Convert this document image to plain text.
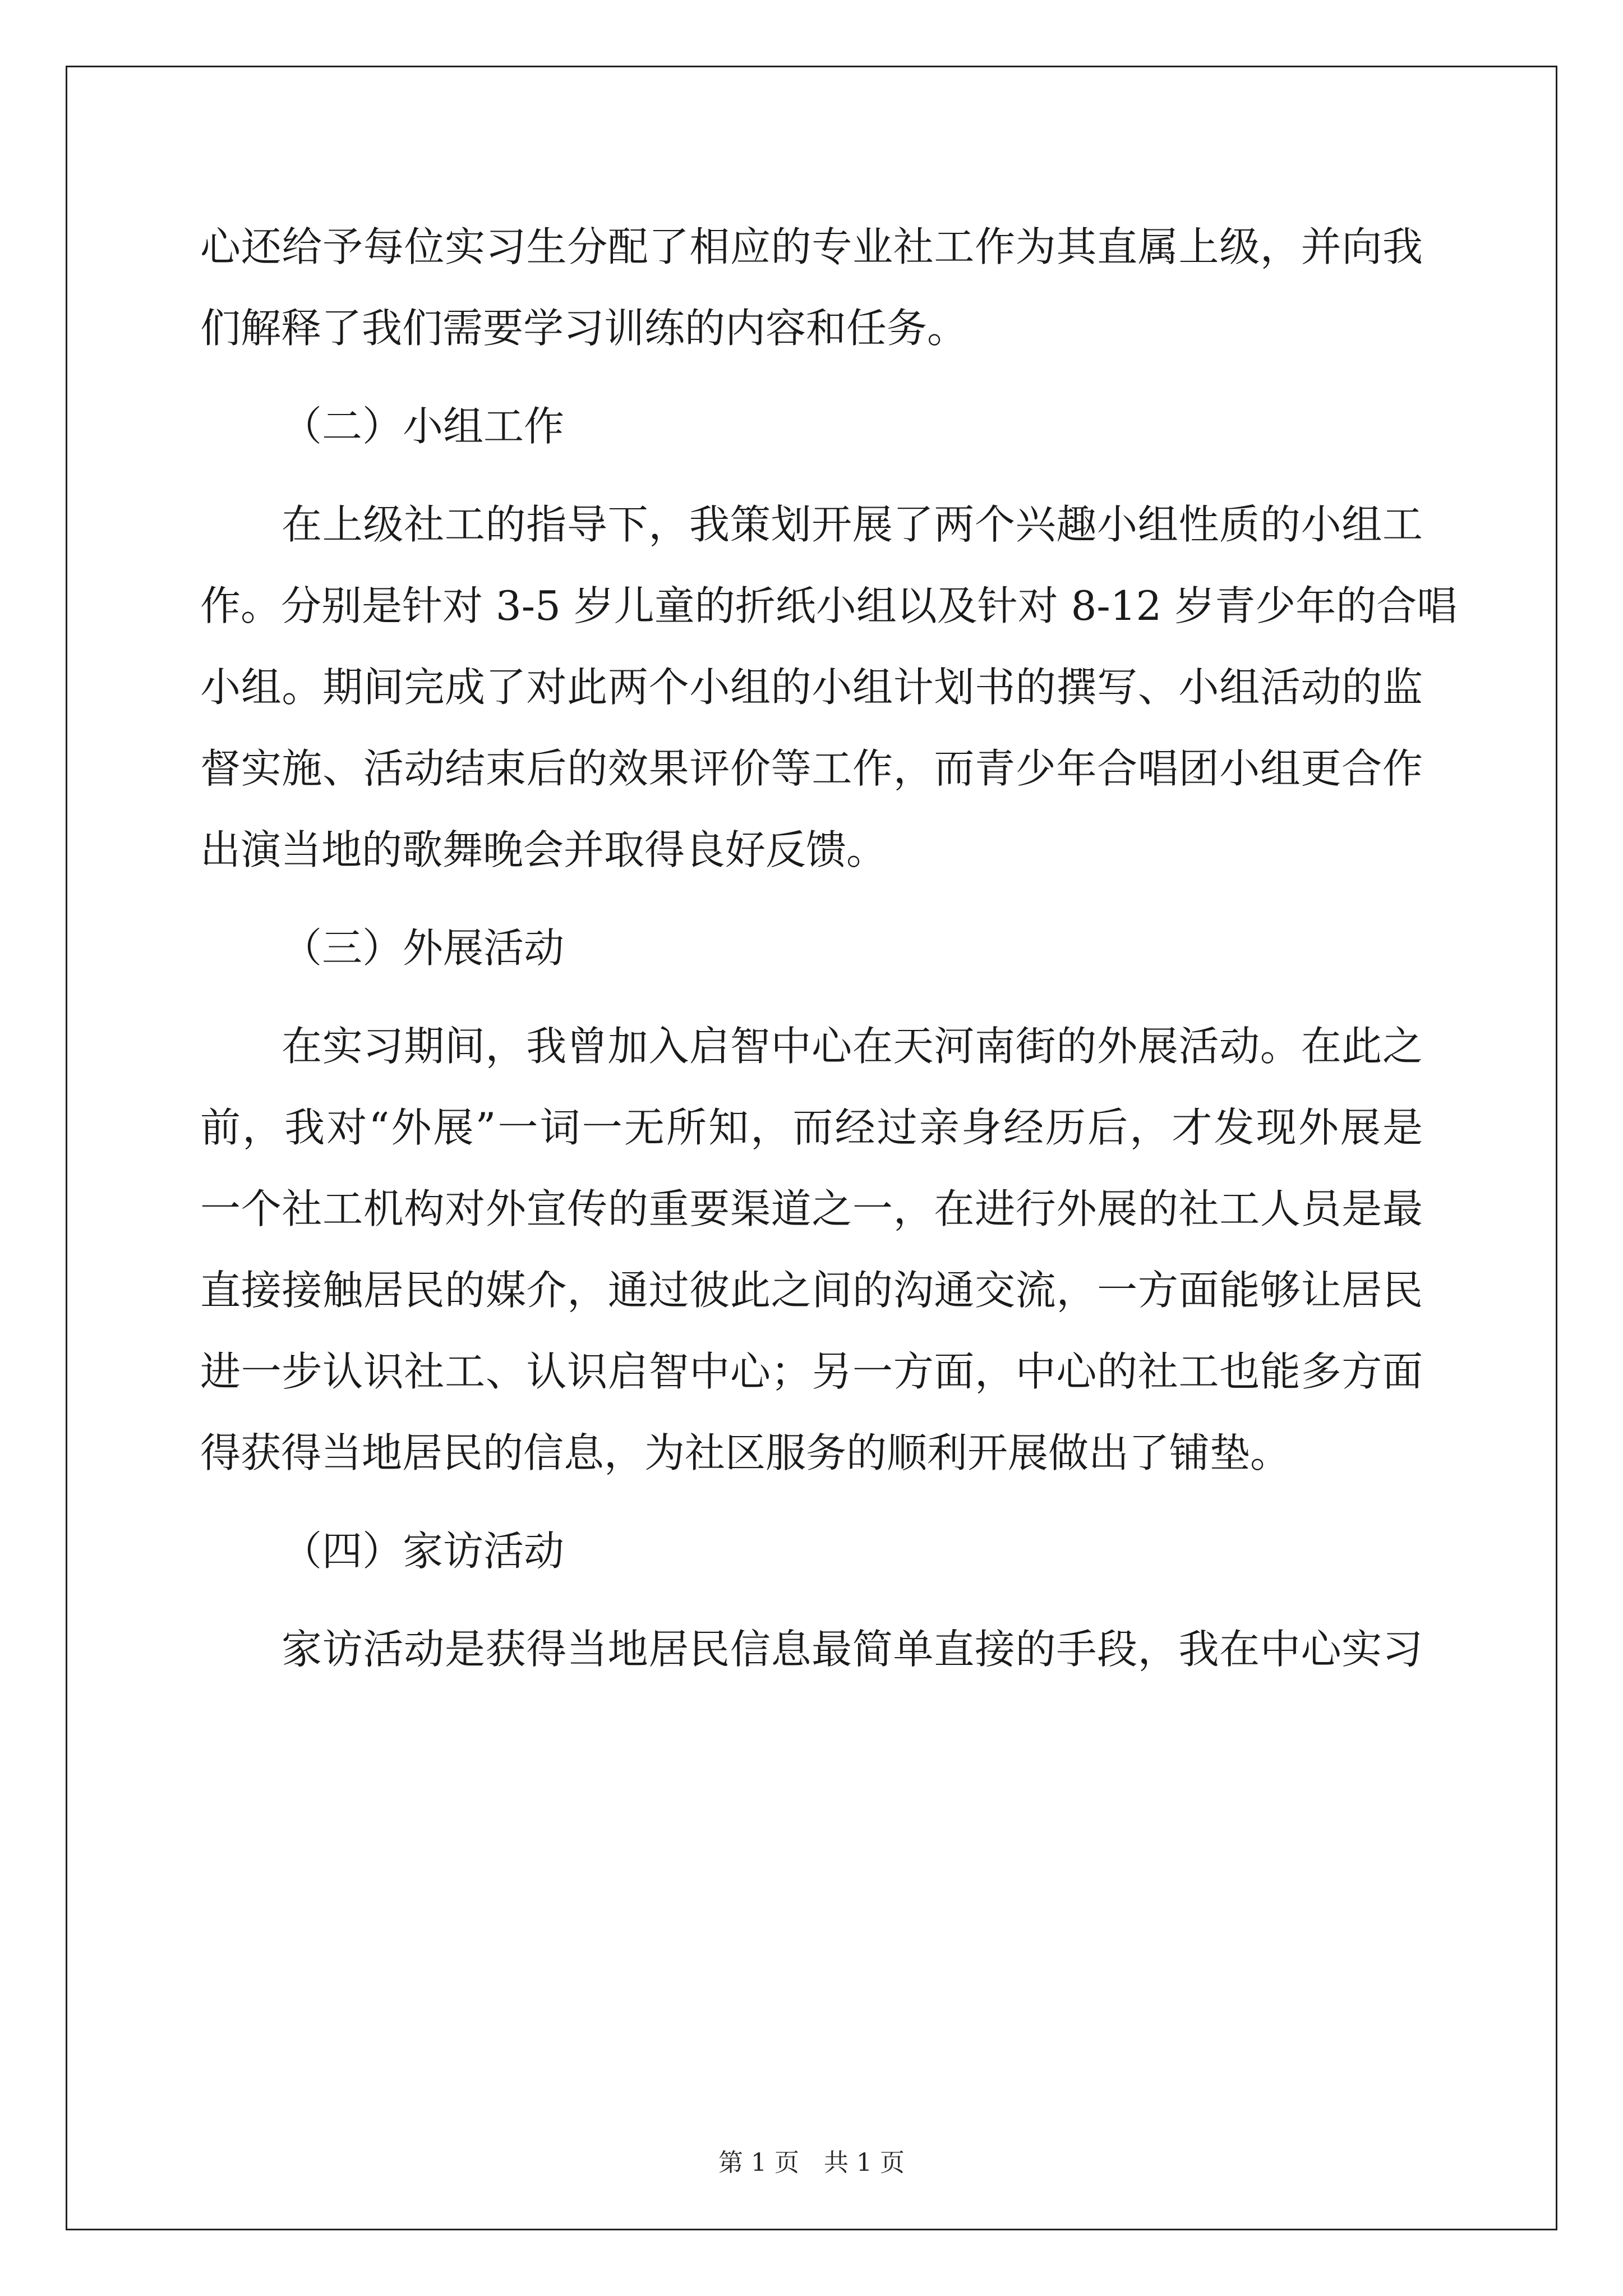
心还给予每位实习生分配了相应的专业社工作为其直属上级，并向我
们解释了我们需要学习训练的内容和任务。
（二）小组工作
在上级社工的指导下，我策划开展了两个兴趣小组性质的小组工
作。分别是针对 3-5 岁儿童的折纸小组以及针对 8-12 岁青少年的合唱
小组。期间完成了对此两个小组的小组计划书的撰写、小组活动的监
督实施、活动结束后的效果评价等工作，而青少年合唱团小组更合作
出演当地的歌舞晚会并取得良好反馈。
（三）外展活动
在实习期间，我曾加入启智中心在天河南街的外展活动。在此之
前，我对“外展”一词一无所知，而经过亲身经历后，才发现外展是
一个社工机构对外宣传的重要渠道之一，在进行外展的社工人员是最
直接接触居民的媒介，通过彼此之间的沟通交流，一方面能够让居民
进一步认识社工、认识启智中心；另一方面，中心的社工也能多方面
得获得当地居民的信息，为社区服务的顺利开展做出了铺垫。
（四）家访活动
家访活动是获得当地居民信息最简单直接的手段，我在中心实习
第 1 页　共 1 页
